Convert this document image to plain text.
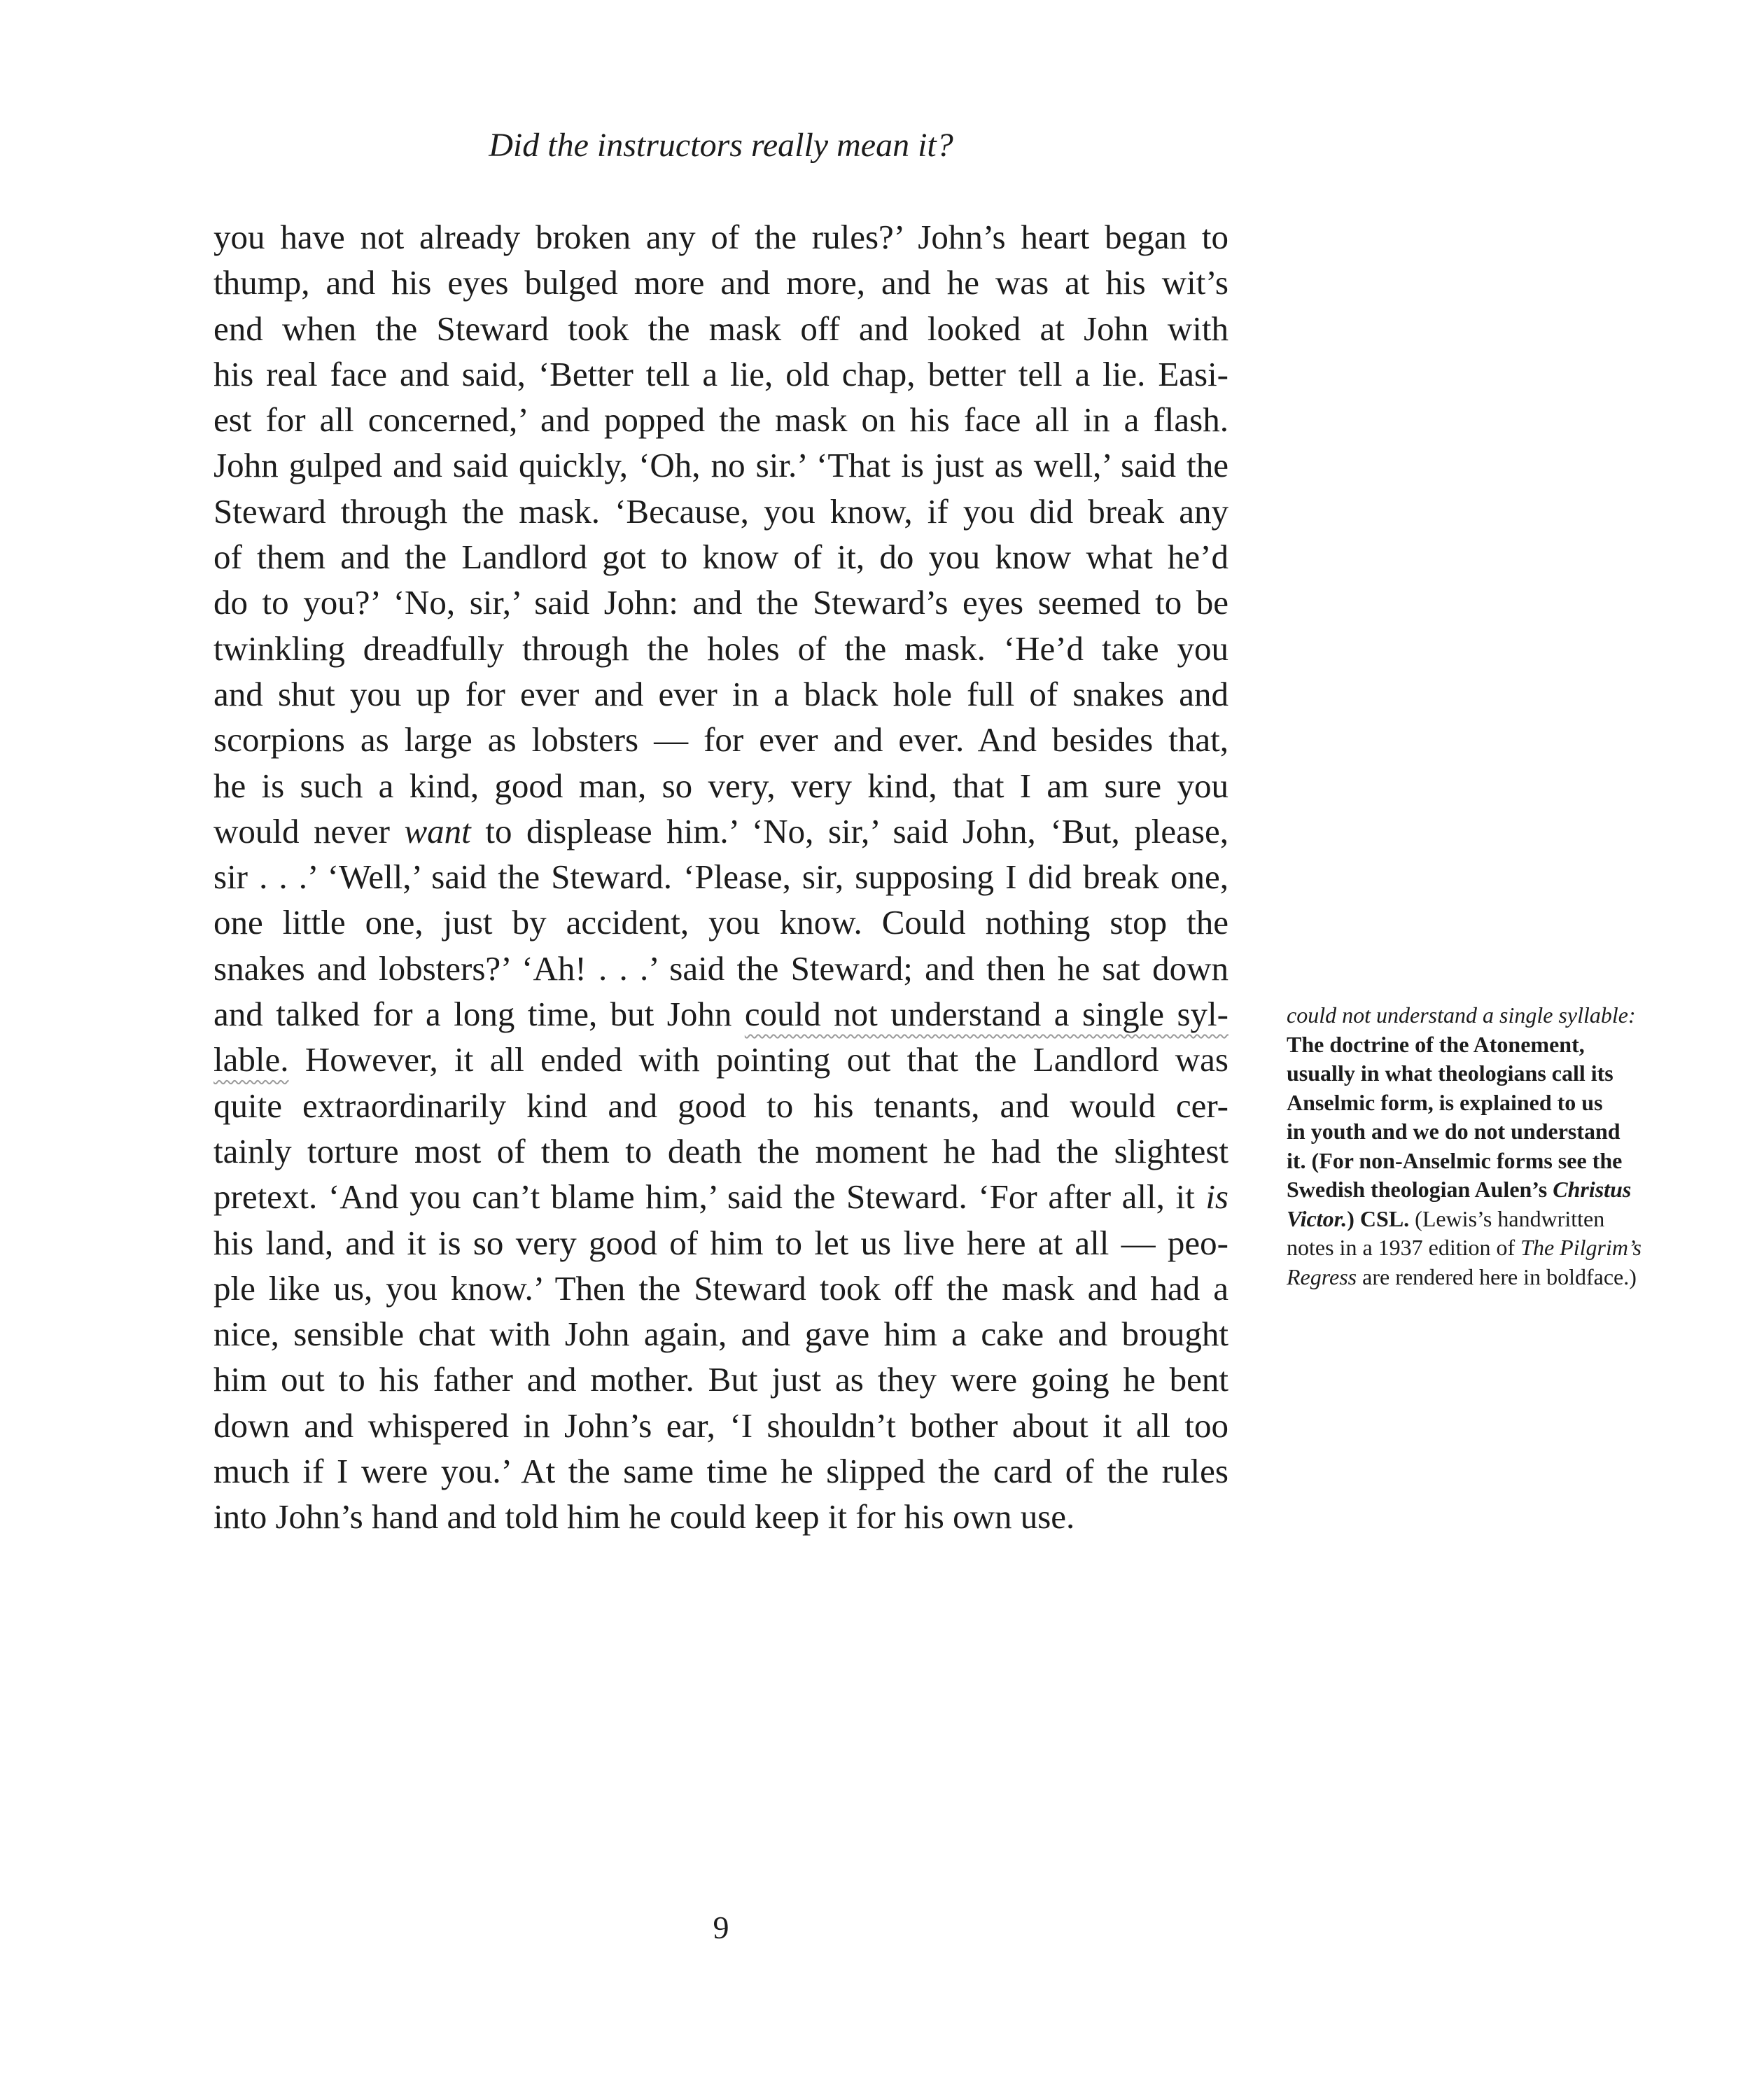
Did the instructors really mean it?
you have not already broken any of the rules?’ John’s heart began to
thump, and his eyes bulged more and more, and he was at his wit’s
end when the Steward took the mask off and looked at John with
his real face and said, ‘Better tell a lie, old chap, better tell a lie. Easi-
est for all concerned,’ and popped the mask on his face all in a flash.
John gulped and said quickly, ‘Oh, no sir.’ ‘That is just as well,’ said the
Steward through the mask. ‘Because, you know, if you did break any
of them and the Landlord got to know of it, do you know what he’d
do to you?’ ‘No, sir,’ said John: and the Steward’s eyes seemed to be
twinkling dreadfully through the holes of the mask. ‘He’d take you
and shut you up for ever and ever in a black hole full of snakes and
scorpions as large as lobsters — for ever and ever. And besides that,
he is such a kind, good man, so very, very kind, that I am sure you
would never want to displease him.’ ‘No, sir,’ said John, ‘But, please,
sir . . .’ ‘Well,’ said the Steward. ‘Please, sir, supposing I did break one,
one little one, just by accident, you know. Could nothing stop the
snakes and lobsters?’ ‘Ah! . . .’ said the Steward; and then he sat down
and talked for a long time, but John could not understand a single syl-
lable. However, it all ended with pointing out that the Landlord was
quite extraordinarily kind and good to his tenants, and would cer-
tainly torture most of them to death the moment he had the slightest
pretext. ‘And you can’t blame him,’ said the Steward. ‘For after all, it is
his land, and it is so very good of him to let us live here at all — peo-
ple like us, you know.’ Then the Steward took off the mask and had a
nice, sensible chat with John again, and gave him a cake and brought
him out to his father and mother. But just as they were going he bent
down and whispered in John’s ear, ‘I shouldn’t bother about it all too
much if I were you.’ At the same time he slipped the card of the rules
into John’s hand and told him he could keep it for his own use.
could not understand a single syllable:
The doctrine of the Atonement,
usually in what theologians call its
Anselmic form, is explained to us
in youth and we do not understand
it. (For non-Anselmic forms see the
Swedish theologian Aulen’s Christus
Victor.) CSL. (Lewis’s handwritten
notes in a 1937 edition of The Pilgrim’s
Regress are rendered here in boldface.)
9
